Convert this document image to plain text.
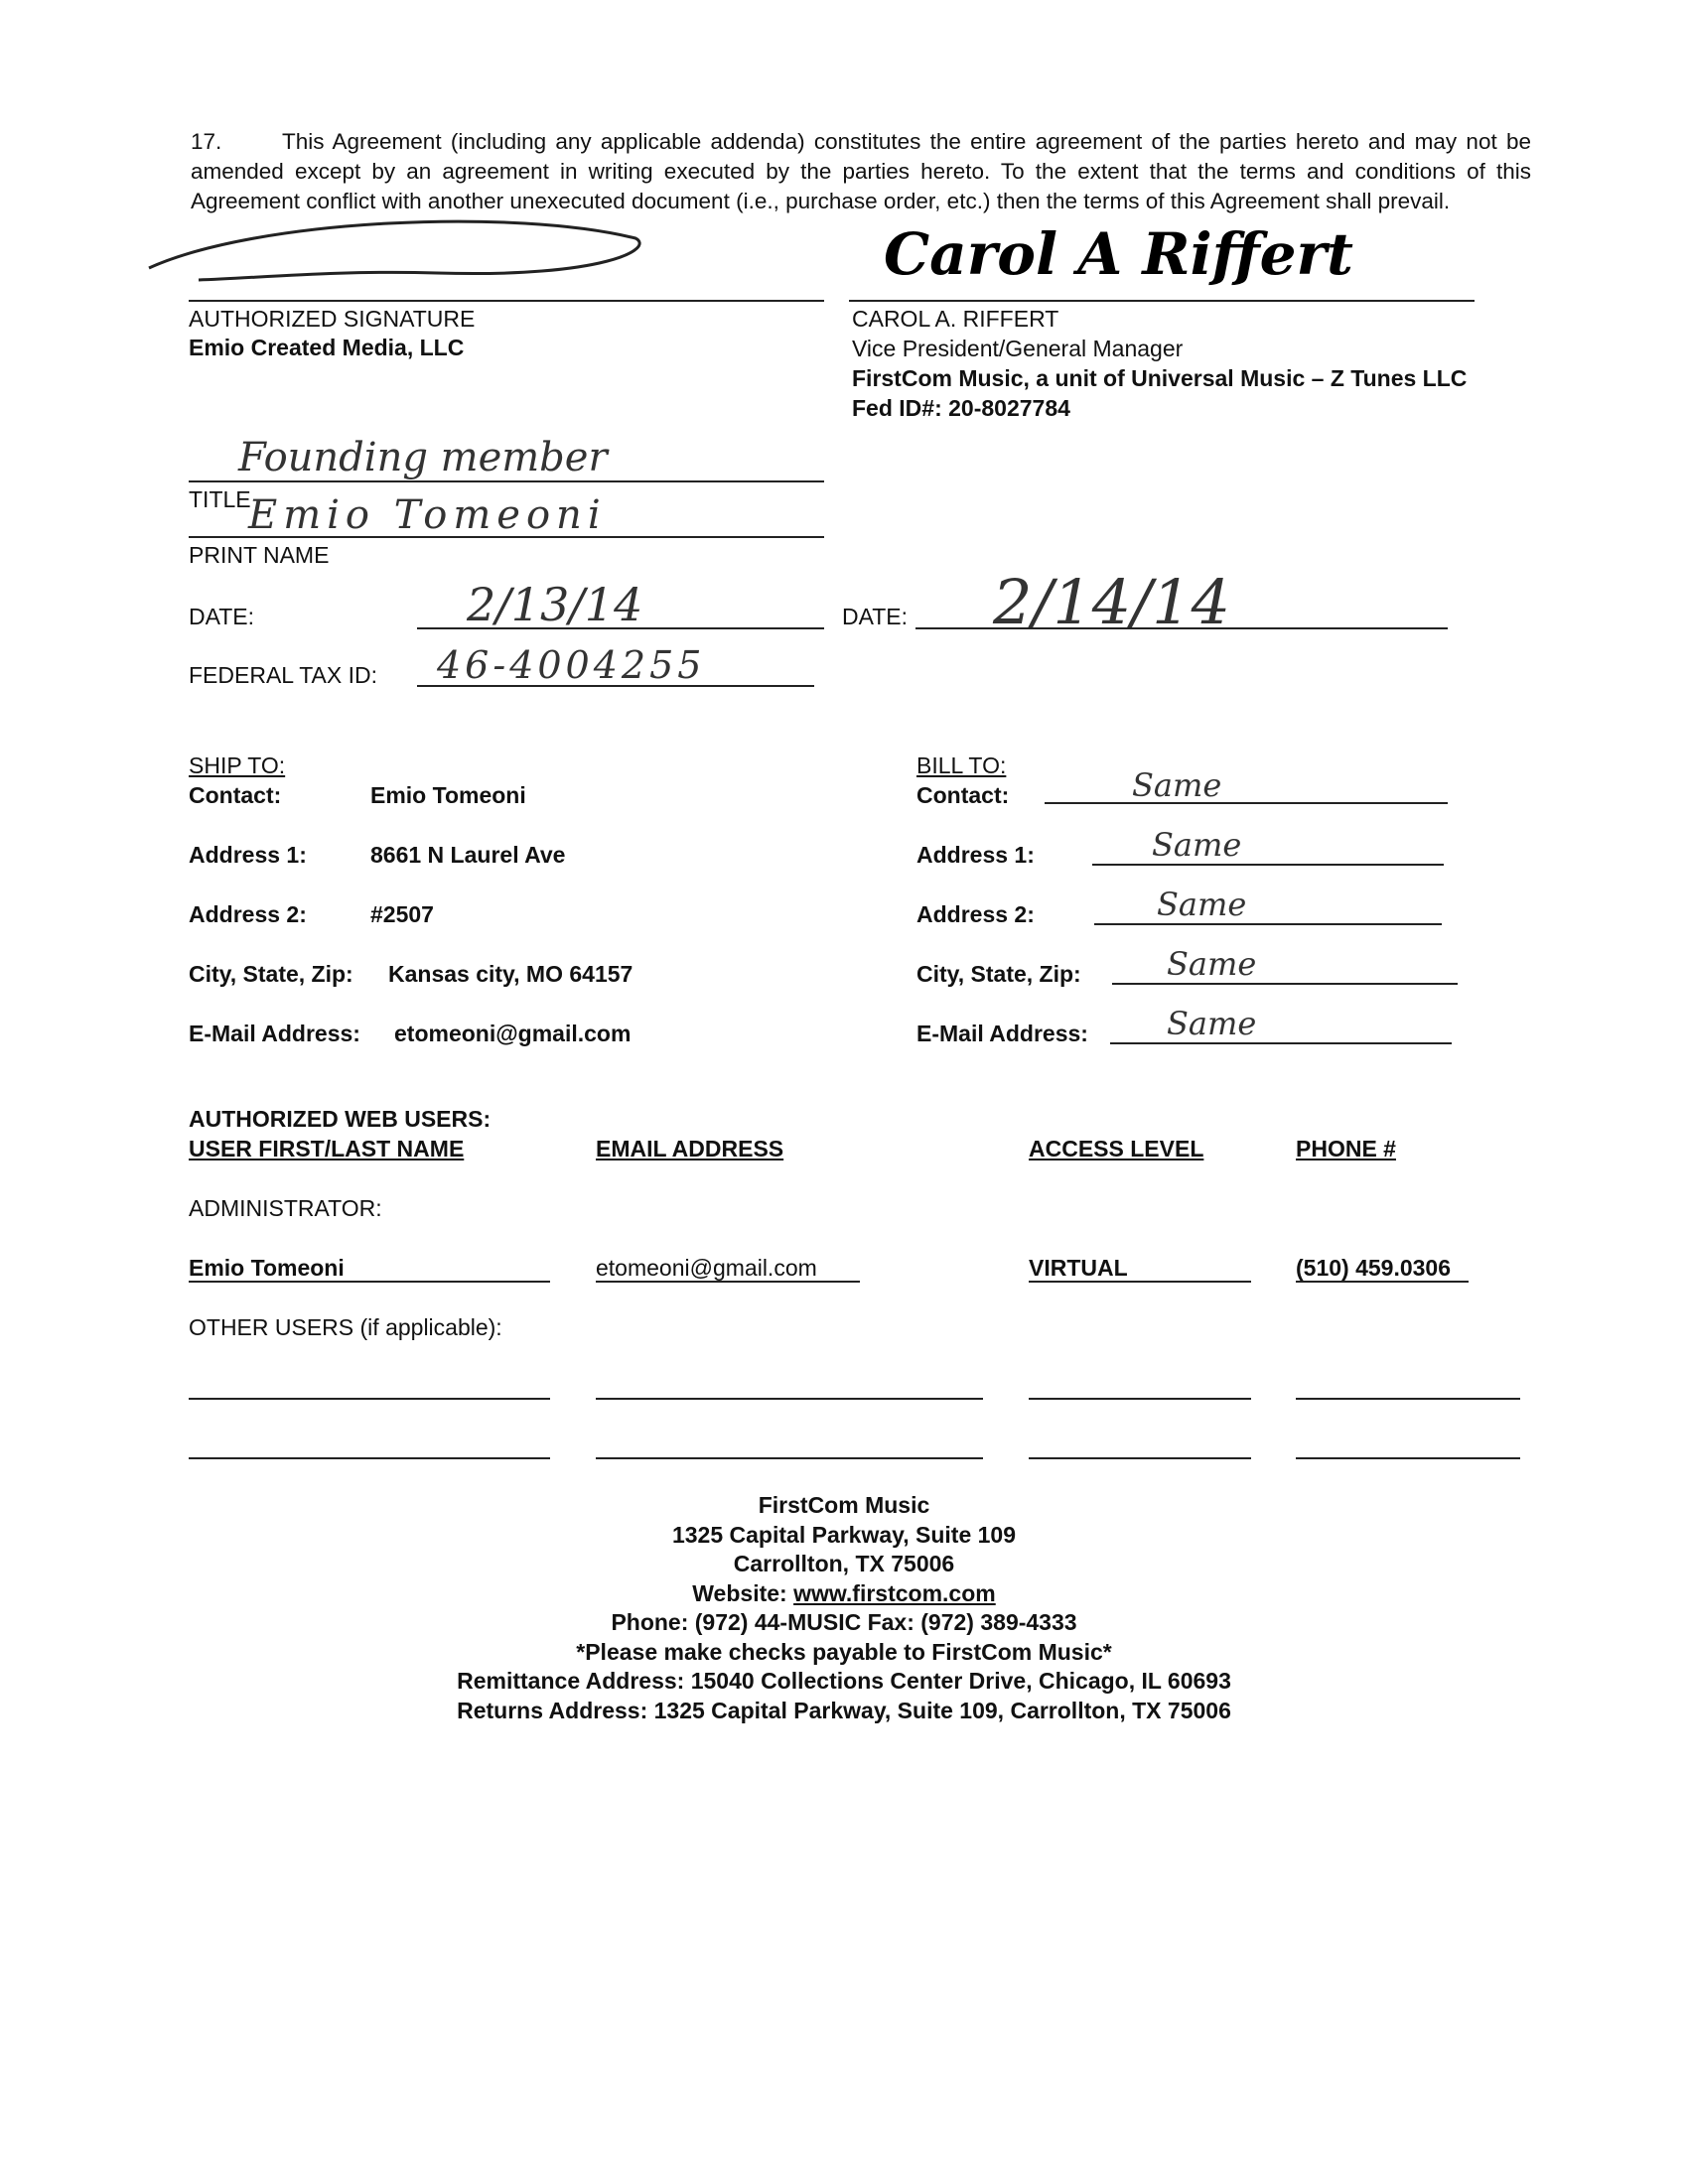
17.	This Agreement (including any applicable addenda) constitutes the entire agreement of the parties hereto and may not be amended except by an agreement in writing executed by the parties hereto. To the extent that the terms and conditions of this Agreement conflict with another unexecuted document (i.e., purchase order, etc.) then the terms of this Agreement shall prevail.
AUTHORIZED SIGNATURE
Emio Created Media, LLC
Carol A Riffert
CAROL A. RIFFERT
Vice President/General Manager
FirstCom Music, a unit of Universal Music – Z Tunes LLC
Fed ID#: 20-8027784
Founding member
TITLE
Emio Tomeoni
PRINT NAME
DATE:	2/13/14	DATE: 2/14/14
FEDERAL TAX ID: 46-4004255
SHIP TO:
Contact:	Emio Tomeoni
Address 1:	8661 N Laurel Ave
Address 2:	#2507
City, State, Zip: Kansas city, MO 64157
E-Mail Address: etomeoni@gmail.com
BILL TO:
Contact:	Same
Address 1:	Same
Address 2:	Same
City, State, Zip:	Same
E-Mail Address: Same
AUTHORIZED WEB USERS:
USER FIRST/LAST NAME	EMAIL ADDRESS	ACCESS LEVEL	PHONE #
ADMINISTRATOR:
Emio Tomeoni	etomeoni@gmail.com	VIRTUAL	(510) 459.0306
OTHER USERS (if applicable):
FirstCom Music
1325 Capital Parkway, Suite 109
Carrollton, TX 75006
Website: www.firstcom.com
Phone: (972) 44-MUSIC Fax: (972) 389-4333
*Please make checks payable to FirstCom Music*
Remittance Address: 15040 Collections Center Drive, Chicago, IL 60693
Returns Address: 1325 Capital Parkway, Suite 109, Carrollton, TX 75006
